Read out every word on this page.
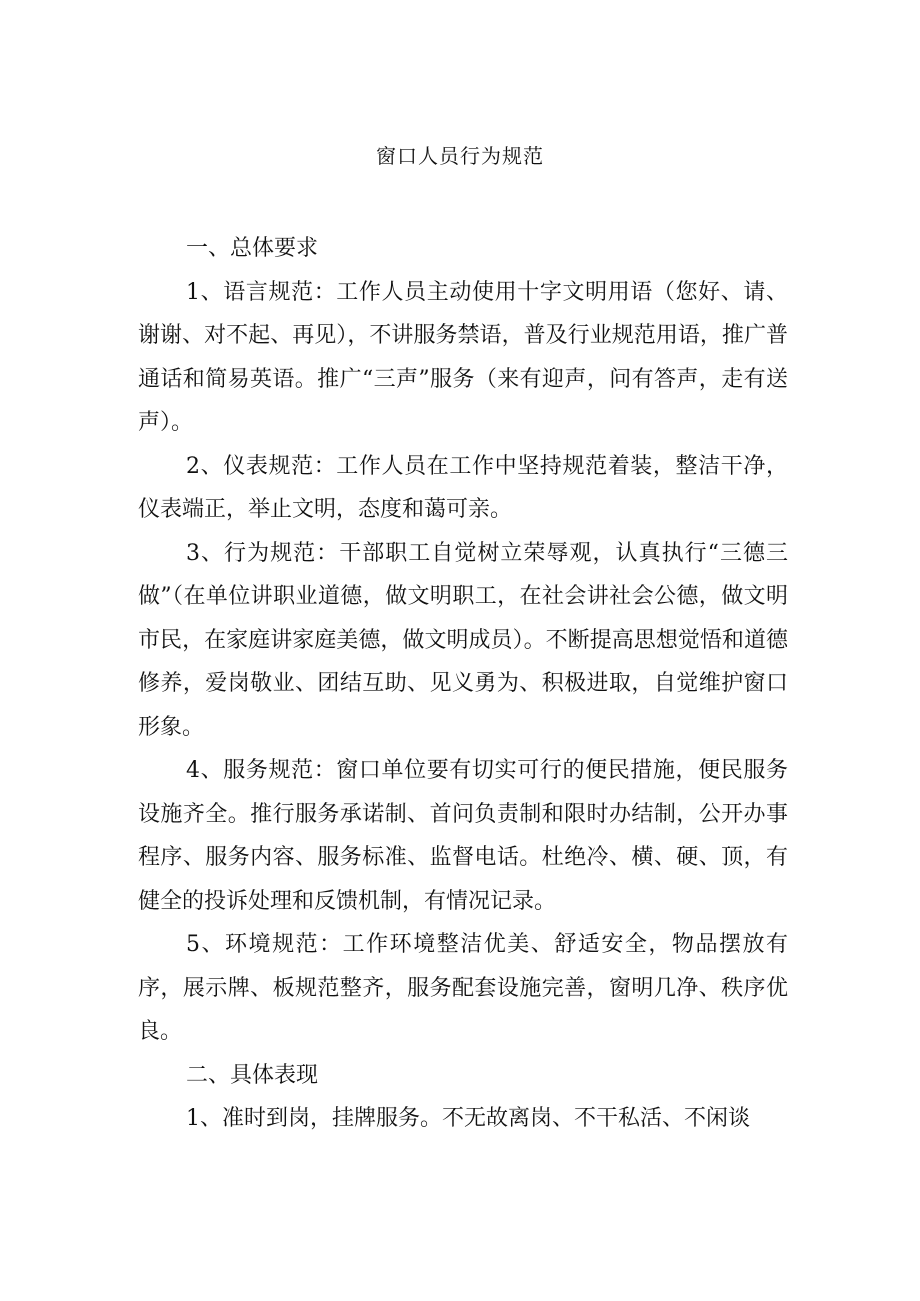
窗口人员行为规范

一、总体要求

1、语言规范：工作人员主动使用十字文明用语（您好、请、谢谢、对不起、再见），不讲服务禁语，普及行业规范用语，推广普通话和简易英语。推广“三声”服务（来有迎声，问有答声，走有送声）。

2、仪表规范：工作人员在工作中坚持规范着装，整洁干净，仪表端正，举止文明，态度和蔼可亲。

3、行为规范：干部职工自觉树立荣辱观，认真执行“三德三做”（在单位讲职业道德，做文明职工，在社会讲社会公德，做文明市民，在家庭讲家庭美德，做文明成员）。不断提高思想觉悟和道德修养，爱岗敬业、团结互助、见义勇为、积极进取，自觉维护窗口形象。

4、服务规范：窗口单位要有切实可行的便民措施，便民服务设施齐全。推行服务承诺制、首问负责制和限时办结制，公开办事程序、服务内容、服务标准、监督电话。杜绝冷、横、硬、顶，有健全的投诉处理和反馈机制，有情况记录。

5、环境规范：工作环境整洁优美、舒适安全，物品摆放有序，展示牌、板规范整齐，服务配套设施完善，窗明几净、秩序优良。

二、具体表现

1、准时到岗，挂牌服务。不无故离岗、不干私活、不闲谈
